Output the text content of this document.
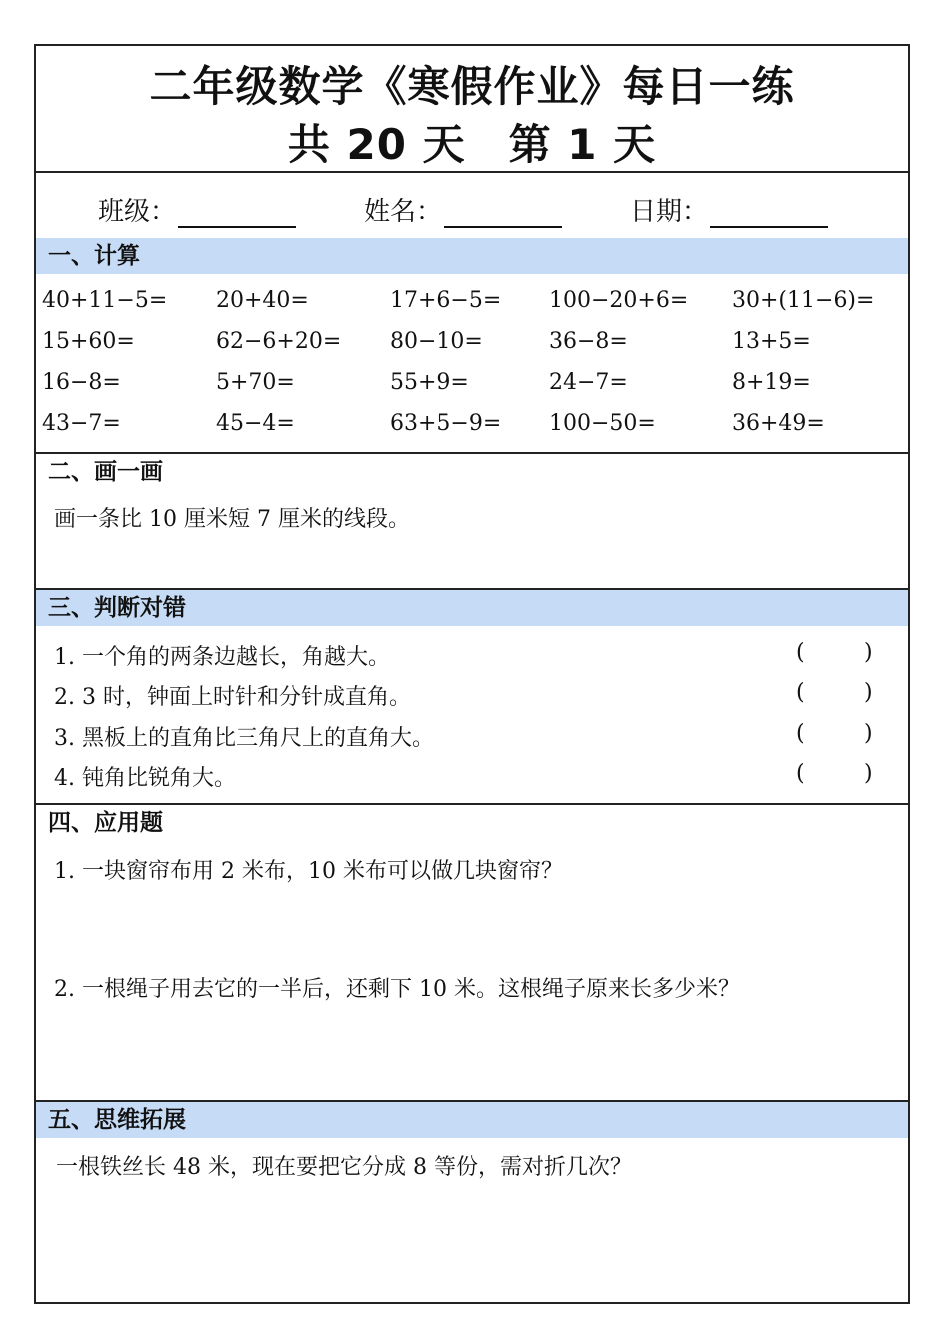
二年级数学《寒假作业》每日一练
共 20 天　第 1 天
班级：	姓名：	日期：
一、计算
40+11−5= 20+40=	17+6−5= 100−20+6= 30+(11−6)=
15+60=	62−6+20= 80−10=	36−8=	13+5=
16−8=	5+70=	55+9=	24−7=	8+19=
43−7=	45−4=	63+5−9= 100−50=	36+49=
二、画一画
画一条比 10 厘米短 7 厘米的线段。
三、判断对错
1. 一个角的两条边越长，角越大。	(	)
2. 3 时，钟面上时针和分针成直角。	(	)
3. 黑板上的直角比三角尺上的直角大。	(	)
4. 钝角比锐角大。	(	)
四、应用题
1. 一块窗帘布用 2 米布，10 米布可以做几块窗帘？
2. 一根绳子用去它的一半后，还剩下 10 米。这根绳子原来长多少米？
五、思维拓展
一根铁丝长 48 米，现在要把它分成 8 等份，需对折几次？
